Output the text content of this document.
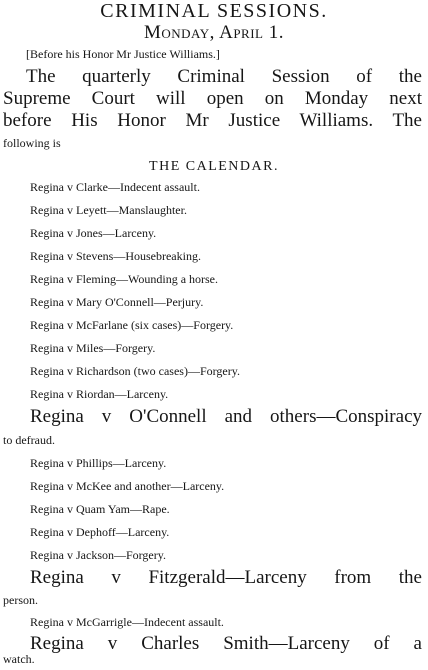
CRIMINAL SESSIONS.
Monday, April 1.
[Before his Honor Mr Justice Williams.]
The quarterly Criminal Session of the
Supreme Court will open on Monday next
before His Honor Mr Justice Williams. The
following is
THE CALENDAR.
Regina v Clarke—Indecent assault.
Regina v Leyett—Manslaughter.
Regina v Jones—Larceny.
Regina v Stevens—Housebreaking.
Regina v Fleming—Wounding a horse.
Regina v Mary O'Connell—Perjury.
Regina v McFarlane (six cases)—Forgery.
Regina v Miles—Forgery.
Regina v Richardson (two cases)—Forgery.
Regina v Riordan—Larceny.
Regina v O'Connell and others—Conspiracy
to defraud.
Regina v Phillips—Larceny.
Regina v McKee and another—Larceny.
Regina v Quam Yam—Rape.
Regina v Dephoff—Larceny.
Regina v Jackson—Forgery.
Regina v Fitzgerald—Larceny from the
person.
Regina v McGarrigle—Indecent assault.
Regina v Charles Smith—Larceny of a
watch.
